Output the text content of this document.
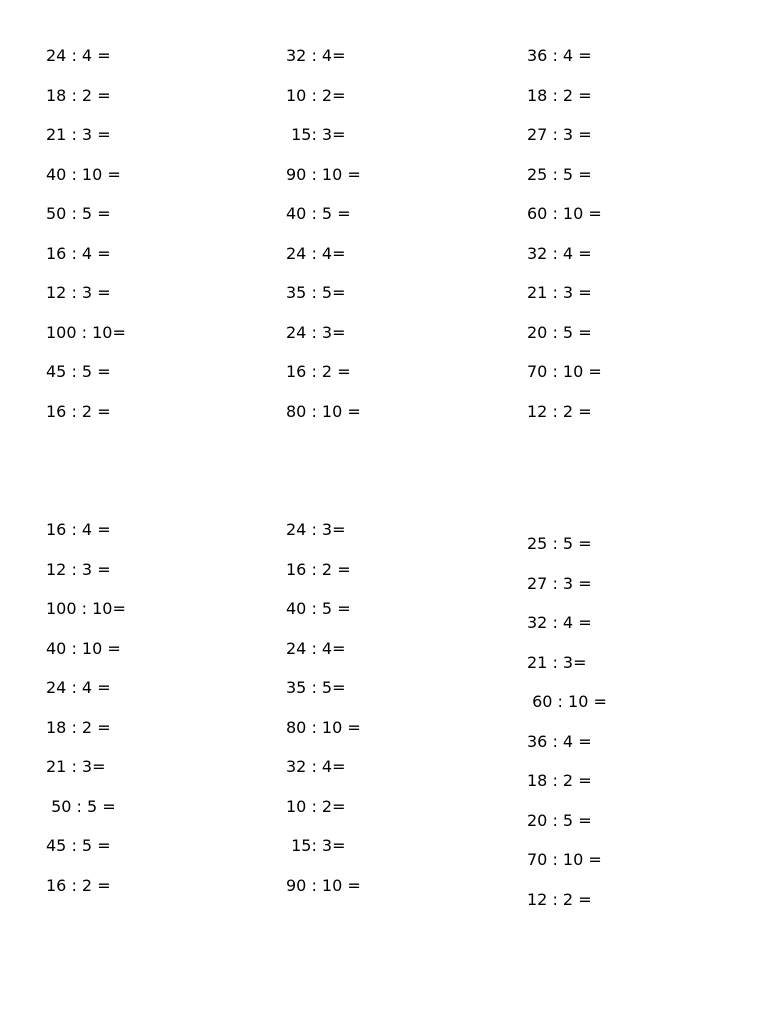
24 : 4 =
18 : 2 =
21 : 3 =
40 : 10 =
50 : 5 =
16 : 4 =
12 : 3 =
100 : 10=
45 : 5 =
16 : 2 =
32 : 4=
10 : 2=
15: 3=
90 : 10 =
40 : 5 =
24 : 4=
35 : 5=
24 : 3=
16 : 2 =
80 : 10 =
36 : 4 =
18 : 2 =
27 : 3 =
25 : 5 =
60 : 10 =
32 : 4 =
21 : 3 =
20 : 5 =
70 : 10 =
12 : 2 =
16 : 4 =
12 : 3 =
100 : 10=
40 : 10 =
24 : 4 =
18 : 2 =
21 : 3=
50 : 5 =
45 : 5 =
16 : 2 =
24 : 3=
16 : 2 =
40 : 5 =
24 : 4=
35 : 5=
80 : 10 =
32 : 4=
10 : 2=
15: 3=
90 : 10 =
25 : 5 =
27 : 3 =
32 : 4 =
21 : 3=
60 : 10 =
36 : 4 =
18 : 2 =
20 : 5 =
70 : 10 =
12 : 2 =
